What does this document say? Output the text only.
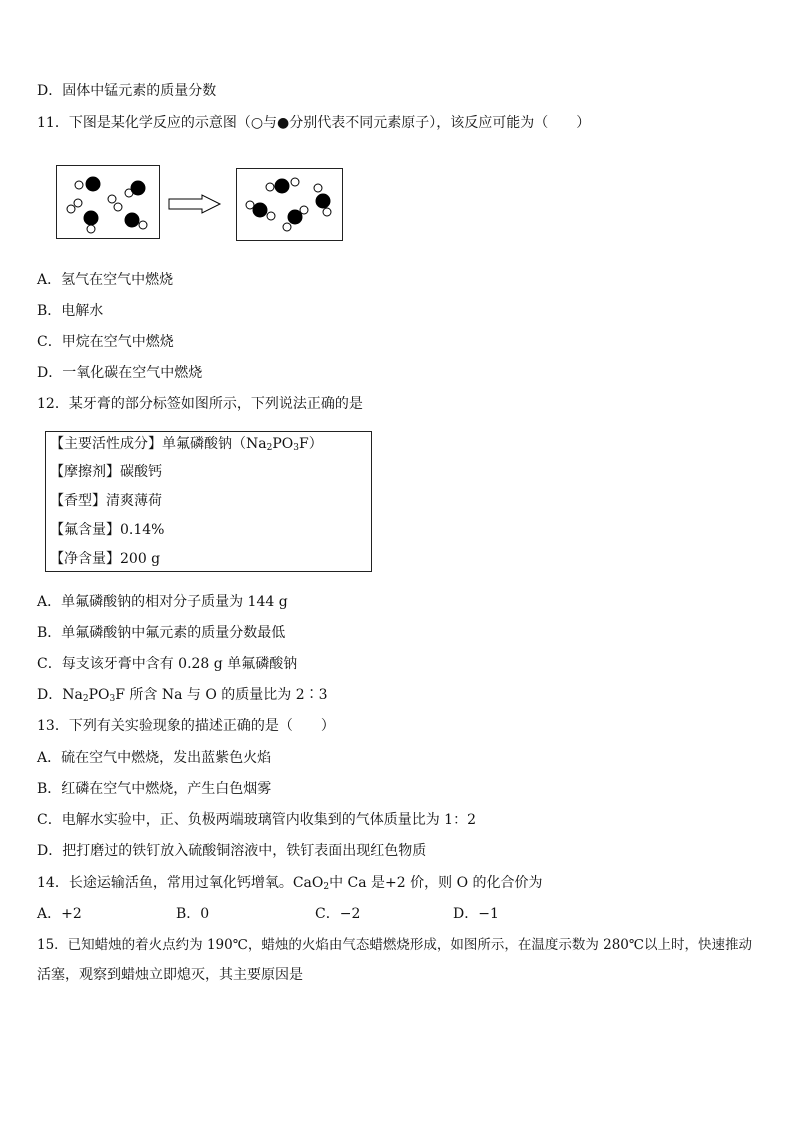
D．固体中锰元素的质量分数
11．下图是某化学反应的示意图（○与●分别代表不同元素原子），该反应可能为（　　）
A．氢气在空气中燃烧
B．电解水
C．甲烷在空气中燃烧
D．一氧化碳在空气中燃烧
12．某牙膏的部分标签如图所示，下列说法正确的是
【主要活性成分】单氟磷酸钠$(Na_2PO_3F)$
【摩擦剂】碳酸钙
【香型】清爽薄荷
【氟含量】0.14%
【净含量】200 g
A．单氟磷酸钠的相对分子质量为 144 g
B．单氟磷酸钠中氟元素的质量分数最低
C．每支该牙膏中含有 0.28 g 单氟磷酸钠
D．$Na_2PO_3F$ 所含 Na 与 O 的质量比为 2∶3
13．下列有关实验现象的描述正确的是（　　）
A．硫在空气中燃烧，发出蓝紫色火焰
B．红磷在空气中燃烧，产生白色烟雾
C．电解水实验中，正、负极两端玻璃管内收集到的气体质量比为 1：2
D．把打磨过的铁钉放入硫酸铜溶液中，铁钉表面出现红色物质
14．长途运输活鱼，常用过氧化钙增氧。CaO$_2$中 Ca 是+2 价，则 O 的化合价为
A．+2	B．0	C．−2	D．−1
15．已知蜡烛的着火点约为 190℃，蜡烛的火焰由气态蜡燃烧形成，如图所示，在温度示数为 280℃以上时，快速推动
活塞，观察到蜡烛立即熄灭，其主要原因是
